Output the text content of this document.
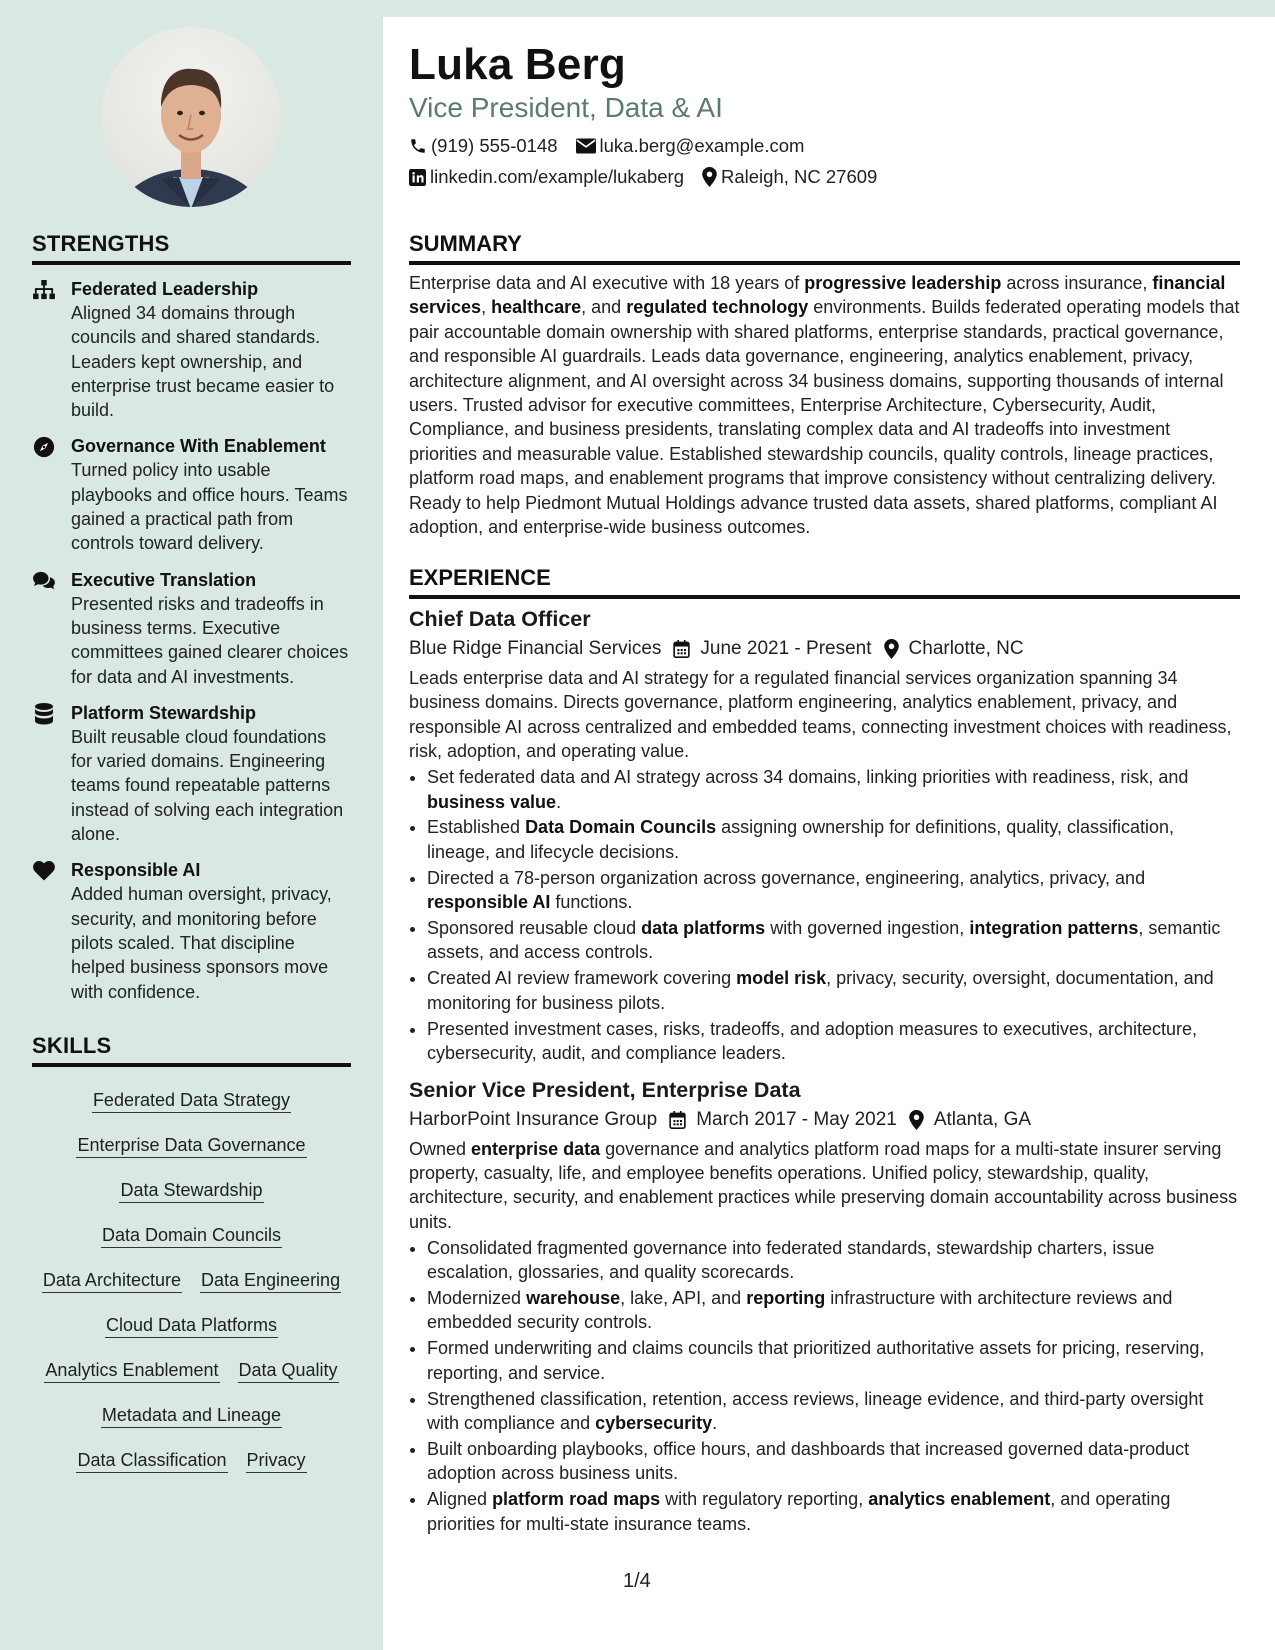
STRENGTHS
Federated Leadership
Aligned 34 domains through councils and shared standards. Leaders kept ownership, and enterprise trust became easier to build.
Governance With Enablement
Turned policy into usable playbooks and office hours. Teams gained a practical path from controls toward delivery.
Executive Translation
Presented risks and tradeoffs in business terms. Executive committees gained clearer choices for data and AI investments.
Platform Stewardship
Built reusable cloud foundations for varied domains. Engineering teams found repeatable patterns instead of solving each integration alone.
Responsible AI
Added human oversight, privacy, security, and monitoring before pilots scaled. That discipline helped business sponsors move with confidence.
SKILLS
Federated Data Strategy
Enterprise Data Governance
Data Stewardship
Data Domain Councils
Data Architecture Data Engineering
Cloud Data Platforms
Analytics Enablement Data Quality
Metadata and Lineage
Data Classification Privacy
Luka Berg
Vice President, Data & AI
(919) 555-0148 luka.berg@example.com
linkedin.com/example/lukaberg Raleigh, NC 27609
SUMMARY

Enterprise data and AI executive with 18 years of progressive leadership across insurance, financial services, healthcare, and regulated technology environments. Builds federated operating models that pair accountable domain ownership with shared platforms, enterprise standards, practical governance, and responsible AI guardrails. Leads data governance, engineering, analytics enablement, privacy, architecture alignment, and AI oversight across 34 business domains, supporting thousands of internal users. Trusted advisor for executive committees, Enterprise Architecture, Cybersecurity, Audit, Compliance, and business presidents, translating complex data and AI tradeoffs into investment priorities and measurable value. Established stewardship councils, quality controls, lineage practices, platform road maps, and enablement programs that improve consistency without centralizing delivery. Ready to help Piedmont Mutual Holdings advance trusted data assets, shared platforms, compliant AI adoption, and enterprise-wide business outcomes.

EXPERIENCE
Chief Data Officer
Blue Ridge Financial Services June 2021 - Present Charlotte, NC

Leads enterprise data and AI strategy for a regulated financial services organization spanning 34 business domains. Directs governance, platform engineering, analytics enablement, privacy, and responsible AI across centralized and embedded teams, connecting investment choices with readiness, risk, adoption, and operating value.

• Set federated data and AI strategy across 34 domains, linking priorities with readiness, risk, and business value.
• Established Data Domain Councils assigning ownership for definitions, quality, classification, lineage, and lifecycle decisions.
• Directed a 78-person organization across governance, engineering, analytics, privacy, and responsible AI functions.
• Sponsored reusable cloud data platforms with governed ingestion, integration patterns, semantic assets, and access controls.
• Created AI review framework covering model risk, privacy, security, oversight, documentation, and monitoring for business pilots.
• Presented investment cases, risks, tradeoffs, and adoption measures to executives, architecture, cybersecurity, audit, and compliance leaders.
Senior Vice President, Enterprise Data
HarborPoint Insurance Group March 2017 - May 2021 Atlanta, GA

Owned enterprise data governance and analytics platform road maps for a multi-state insurer serving property, casualty, life, and employee benefits operations. Unified policy, stewardship, quality, architecture, security, and enablement practices while preserving domain accountability across business units.

• Consolidated fragmented governance into federated standards, stewardship charters, issue escalation, glossaries, and quality scorecards.
• Modernized warehouse, lake, API, and reporting infrastructure with architecture reviews and embedded security controls.
• Formed underwriting and claims councils that prioritized authoritative assets for pricing, reserving, reporting, and service.
• Strengthened classification, retention, access reviews, lineage evidence, and third-party oversight with compliance and cybersecurity.
• Built onboarding playbooks, office hours, and dashboards that increased governed data-product adoption across business units.
• Aligned platform road maps with regulatory reporting, analytics enablement, and operating priorities for multi-state insurance teams.
1/4
